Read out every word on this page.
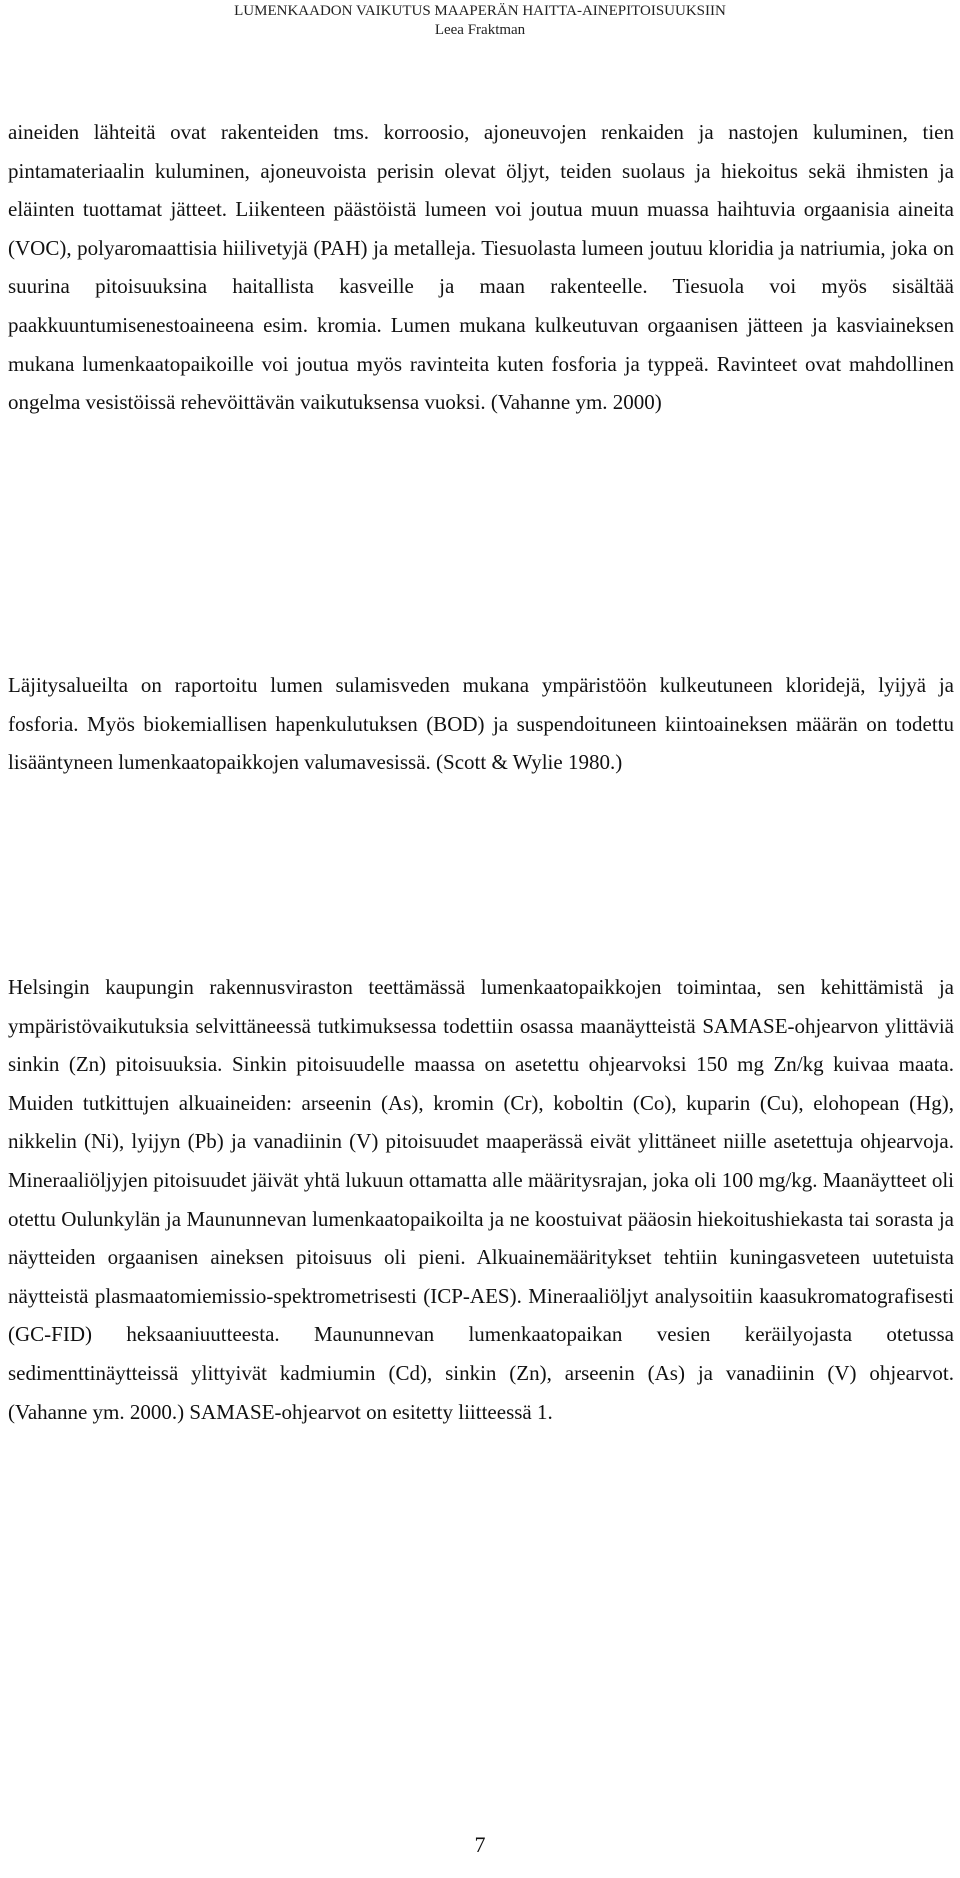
LUMENKAADON VAIKUTUS MAAPERÄN HAITTA-AINEPITOISUUKSIIN
Leea Fraktman

aineiden lähteitä ovat rakenteiden tms. korroosio, ajoneuvojen renkaiden ja nastojen kuluminen, tien pintamateriaalin kuluminen, ajoneuvoista perisin olevat öljyt, teiden suolaus ja hiekoitus sekä ihmisten ja eläinten tuottamat jätteet. Liikenteen päästöistä lumeen voi joutua muun muassa haihtuvia orgaanisia aineita (VOC), polyaromaattisia hiilivetyjä (PAH) ja metalleja. Tiesuolasta lumeen joutuu kloridia ja natriumia, joka on suurina pitoisuuksina haitallista kasveille ja maan rakenteelle. Tiesuola voi myös sisältää paakkuuntumisenestoaineena esim. kromia. Lumen mukana kulkeutuvan orgaanisen jätteen ja kasviaineksen mukana lumenkaatopaikoille voi joutua myös ravinteita kuten fosforia ja typpeä. Ravinteet ovat mahdollinen ongelma vesistöissä rehevöittävän vaikutuksensa vuoksi. (Vahanne ym. 2000)

Läjitysalueilta on raportoitu lumen sulamisveden mukana ympäristöön kulkeutuneen kloridejä, lyijyä ja fosforia. Myös biokemiallisen hapenkulutuksen (BOD) ja suspendoituneen kiintoaineksen määrän on todettu lisääntyneen lumenkaatopaikkojen valumavesissä. (Scott & Wylie 1980.)

Helsingin kaupungin rakennusviraston teettämässä lumenkaatopaikkojen toimintaa, sen kehittämistä ja ympäristövaikutuksia selvittäneessä tutkimuksessa todettiin osassa maanäytteistä SAMASE-ohjearvon ylittäviä sinkin (Zn) pitoisuuksia. Sinkin pitoisuudelle maassa on asetettu ohjearvoksi 150 mg Zn/kg kuivaa maata. Muiden tutkittujen alkuaineiden: arseenin (As), kromin (Cr), koboltin (Co), kuparin (Cu), elohopean (Hg), nikkelin (Ni), lyijyn (Pb) ja vanadiinin (V) pitoisuudet maaperässä eivät ylittäneet niille asetettuja ohjearvoja. Mineraaliöljyjen pitoisuudet jäivät yhtä lukuun ottamatta alle määritysrajan, joka oli 100 mg/kg. Maanäytteet oli otettu Oulunkylän ja Maununnevan lumenkaatopaikoilta ja ne koostuivat pääosin hiekoitushiekasta tai sorasta ja näytteiden orgaanisen aineksen pitoisuus oli pieni. Alkuainemääritykset tehtiin kuningasveteen uutetuista näytteistä plasmaatomiemissio-spektrometrisesti (ICP-AES). Mineraaliöljyt analysoitiin kaasukromatografisesti (GC-FID) heksaaniuutteesta. Maununnevan lumenkaatopaikan vesien keräilyojasta otetussa sedimenttinäytteissä ylittyivät kadmiumin (Cd), sinkin (Zn), arseenin (As) ja vanadiinin (V) ohjearvot. (Vahanne ym. 2000.) SAMASE-ohjearvot on esitetty liitteessä 1.

7
